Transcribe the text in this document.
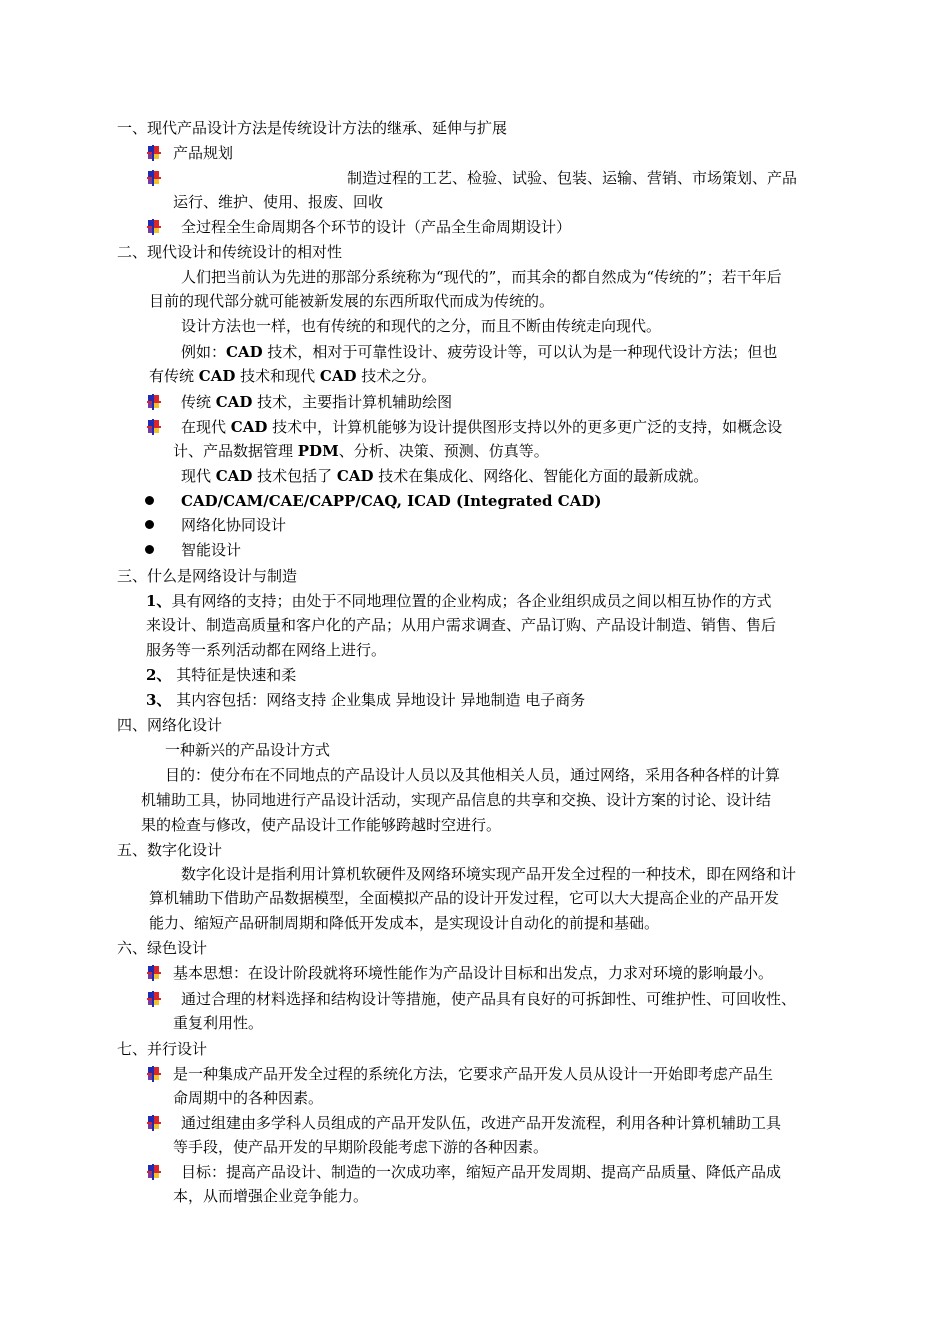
一、现代产品设计方法是传统设计方法的继承、延伸与扩展
产品规划
制造过程的工艺、检验、试验、包装、运输、营销、市场策划、产品
运行、维护、使用、报废、回收
全过程全生命周期各个环节的设计（产品全生命周期设计）
二、现代设计和传统设计的相对性
人们把当前认为先进的那部分系统称为“现代的”，而其余的都自然成为“传统的”；若干年后
目前的现代部分就可能被新发展的东西所取代而成为传统的。
设计方法也一样，也有传统的和现代的之分，而且不断由传统走向现代。
例如：CAD 技术，相对于可靠性设计、疲劳设计等，可以认为是一种现代设计方法；但也
有传统 CAD 技术和现代 CAD 技术之分。
传统 CAD 技术，主要指计算机辅助绘图
在现代 CAD 技术中，计算机能够为设计提供图形支持以外的更多更广泛的支持，如概念设
计、产品数据管理 PDM、分析、决策、预测、仿真等。
现代 CAD 技术包括了 CAD 技术在集成化、网络化、智能化方面的最新成就。
CAD/CAM/CAE/CAPP/CAQ, ICAD (Integrated CAD)
网络化协同设计
智能设计
三、什么是网络设计与制造
1、具有网络的支持；由处于不同地理位置的企业构成；各企业组织成员之间以相互协作的方式
来设计、制造高质量和客户化的产品；从用户需求调查、产品订购、产品设计制造、销售、售后
服务等一系列活动都在网络上进行。
2、 其特征是快速和柔
3、 其内容包括：网络支持 企业集成 异地设计 异地制造 电子商务
四、网络化设计
一种新兴的产品设计方式
目的：使分布在不同地点的产品设计人员以及其他相关人员，通过网络，采用各种各样的计算
机辅助工具，协同地进行产品设计活动，实现产品信息的共享和交换、设计方案的讨论、设计结
果的检查与修改，使产品设计工作能够跨越时空进行。
五、数字化设计
数字化设计是指利用计算机软硬件及网络环境实现产品开发全过程的一种技术，即在网络和计
算机辅助下借助产品数据模型，全面模拟产品的设计开发过程，它可以大大提高企业的产品开发
能力、缩短产品研制周期和降低开发成本，是实现设计自动化的前提和基础。
六、绿色设计
基本思想：在设计阶段就将环境性能作为产品设计目标和出发点，力求对环境的影响最小。
通过合理的材料选择和结构设计等措施，使产品具有良好的可拆卸性、可维护性、可回收性、
重复利用性。
七、并行设计
是一种集成产品开发全过程的系统化方法，它要求产品开发人员从设计一开始即考虑产品生
命周期中的各种因素。
通过组建由多学科人员组成的产品开发队伍，改进产品开发流程，利用各种计算机辅助工具
等手段，使产品开发的早期阶段能考虑下游的各种因素。
目标：提高产品设计、制造的一次成功率，缩短产品开发周期、提高产品质量、降低产品成
本，从而增强企业竞争能力。
